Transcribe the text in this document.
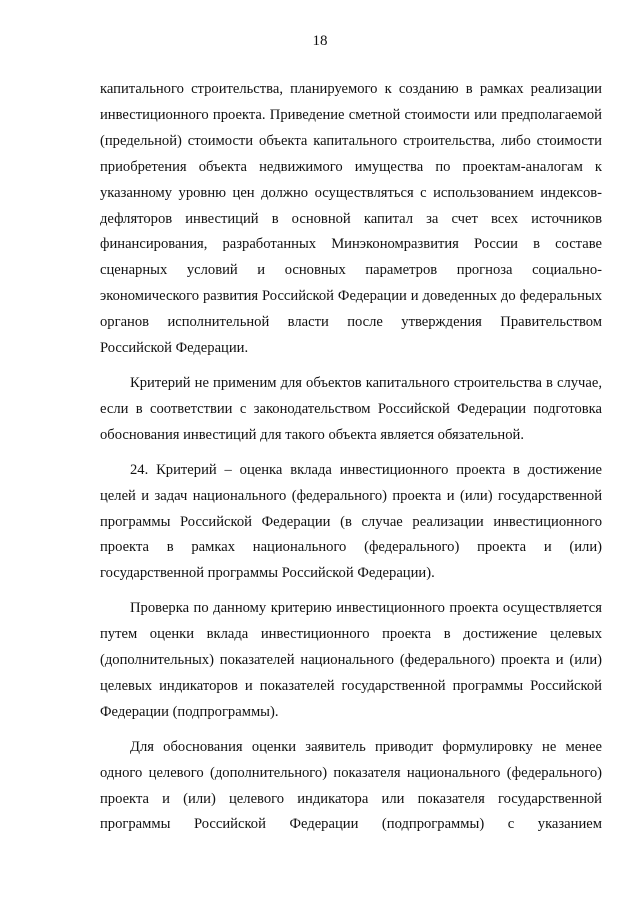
18

капитального строительства, планируемого к созданию в рамках реализации инвестиционного проекта. Приведение сметной стоимости или предполагаемой (предельной) стоимости объекта капитального строительства, либо стоимости приобретения объекта недвижимого имущества по проектам-аналогам к указанному уровню цен должно осуществляться с использованием индексов-дефляторов инвестиций в основной капитал за счет всех источников финансирования, разработанных Минэкономразвития России в составе сценарных условий и основных параметров прогноза социально-экономического развития Российской Федерации и доведенных до федеральных органов исполнительной власти после утверждения Правительством Российской Федерации.

Критерий не применим для объектов капитального строительства в случае, если в соответствии с законодательством Российской Федерации подготовка обоснования инвестиций для такого объекта является обязательной.

24. Критерий – оценка вклада инвестиционного проекта в достижение целей и задач национального (федерального) проекта и (или) государственной программы Российской Федерации (в случае реализации инвестиционного проекта в рамках национального (федерального) проекта и (или) государственной программы Российской Федерации).

Проверка по данному критерию инвестиционного проекта осуществляется путем оценки вклада инвестиционного проекта в достижение целевых (дополнительных) показателей национального (федерального) проекта и (или) целевых индикаторов и показателей государственной программы Российской Федерации (подпрограммы).

Для обоснования оценки заявитель приводит формулировку не менее одного целевого (дополнительного) показателя национального (федерального) проекта и (или) целевого индикатора или показателя государственной программы Российской Федерации (подпрограммы) с указанием
